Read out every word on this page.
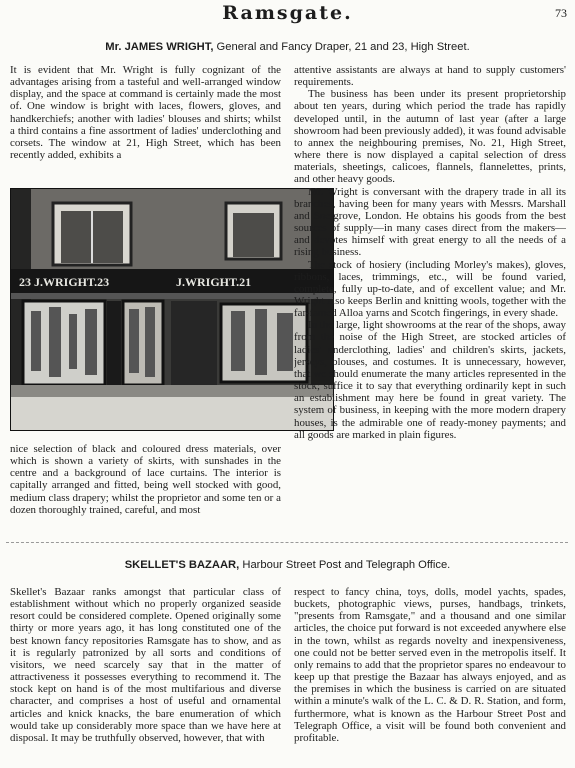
Ramsgate.	73
Mr. JAMES WRIGHT, General and Fancy Draper, 21 and 23, High Street.

It is evident that Mr. Wright is fully cognizant of the advantages arising from a tasteful and well-arranged window display, and the space at command is certainly made the most of. One window is bright with laces, flowers, gloves, and handkerchiefs; another with ladies' blouses and shirts; whilst a third contains a fine assortment of ladies' underclothing and corsets. The window at 21, High Street, which has been recently added, exhibits a

23 J.WRIGHT.23	J.WRIGHT.21

nice selection of black and coloured dress materials, over which is shown a variety of skirts, with sunshades in the centre and a background of lace curtains. The interior is capitally arranged and fitted, being well stocked with good, medium class drapery; whilst the proprietor and some ten or a dozen thoroughly trained, careful, and most

attentive assistants are always at hand to supply customers' requirements.

The business has been under its present proprietorship about ten years, during which period the trade has rapidly developed until, in the autumn of last year (after a large showroom had been previously added), it was found advisable to annex the neighbouring premises, No. 21, High Street, where there is now displayed a capital selection of dress materials, sheetings, calicoes, flannels, flannelettes, prints, and other heavy goods.

Mr. Wright is conversant with the drapery trade in all its branches, having been for many years with Messrs. Marshall and Snelgrove, London. He obtains his goods from the best sources of supply—in many cases direct from the makers—and devotes himself with great energy to all the needs of a rising business.

The stock of hosiery (including Morley's makes), gloves, ribbons, laces, trimmings, etc., will be found varied, complete, fully up-to-date, and of excellent value; and Mr. Wright also keeps Berlin and knitting wools, together with the far-famed Alloa yarns and Scotch fingerings, in every shade.

In the large, light showrooms at the rear of the shops, away from the noise of the High Street, are stocked articles of ladies' underclothing, ladies' and children's skirts, jackets, jerseys, blouses, and costumes. It is unnecessary, however, that we should enumerate the many articles represented in the stock; suffice it to say that everything ordinarily kept in such an establishment may here be found in great variety. The system of business, in keeping with the more modern drapery houses, is the admirable one of ready-money payments; and all goods are marked in plain figures.

SKELLET'S BAZAAR, Harbour Street Post and Telegraph Office.

Skellet's Bazaar ranks amongst that particular class of establishment without which no properly organized seaside resort could be considered complete. Opened originally some thirty or more years ago, it has long constituted one of the best known fancy repositories Ramsgate has to show, and as it is regularly patronized by all sorts and conditions of visitors, we need scarcely say that in the matter of attractiveness it possesses everything to recommend it. The stock kept on hand is of the most multifarious and diverse character, and comprises a host of useful and ornamental articles and knick knacks, the bare enumeration of which would take up considerably more space than we have here at disposal. It may be truthfully observed, however, that with

respect to fancy china, toys, dolls, model yachts, spades, buckets, photographic views, purses, handbags, trinkets, "presents from Ramsgate," and a thousand and one similar articles, the choice put forward is not exceeded anywhere else in the town, whilst as regards novelty and inexpensiveness, one could not be better served even in the metropolis itself. It only remains to add that the proprietor spares no endeavour to keep up that prestige the Bazaar has always enjoyed, and as the premises in which the business is carried on are situated within a minute's walk of the L. C. & D. R. Station, and form, furthermore, what is known as the Harbour Street Post and Telegraph Office, a visit will be found both convenient and profitable.
